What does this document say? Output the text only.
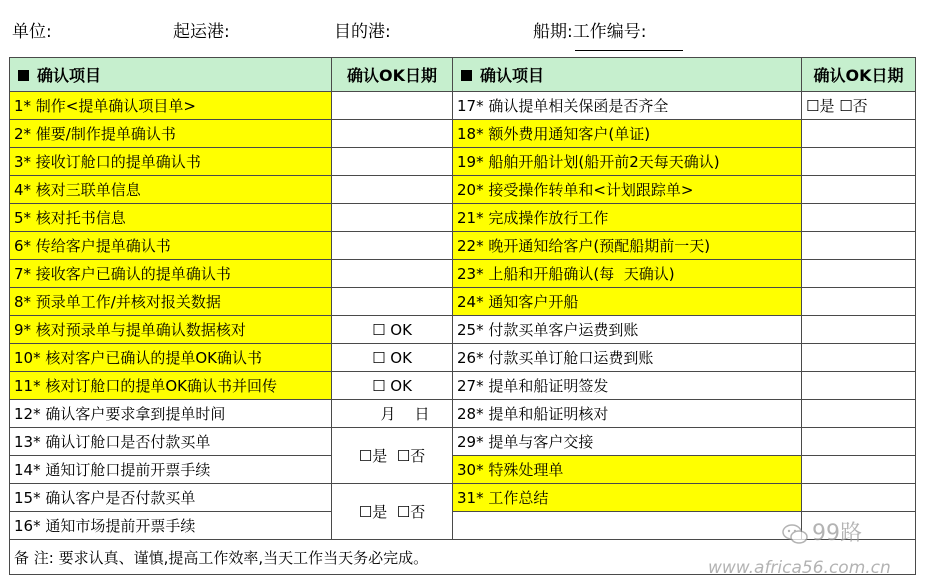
单位:	起运港:	目的港:	船期:
工作编号:
确认项目	确认OK日期	确认项目	确认OK日期
1* 制作<提单确认项目单>		17* 确认提单相关保函是否齐全	☐是 ☐否
2* 催要/制作提单确认书		18* 额外费用通知客户(单证)	
3* 接收订舱口的提单确认书		19* 船舶开船计划(船开前2天每天确认)	
4* 核对三联单信息		20* 接受操作转单和<计划跟踪单>	
5* 核对托书信息		21* 完成操作放行工作	
6* 传给客户提单确认书		22* 晚开通知给客户(预配船期前一天)	
7* 接收客户已确认的提单确认书		23* 上船和开船确认(每  天确认)	
8* 预录单工作/并核对报关数据		24* 通知客户开船	
9* 核对预录单与提单确认数据核对	☐ OK	25* 付款买单客户运费到账	
10* 核对客户已确认的提单OK确认书	☐ OK	26* 付款买单订舱口运费到账	
11* 核对订舱口的提单OK确认书并回传	☐ OK	27* 提单和船证明签发	
12* 确认客户要求拿到提单时间	月    日	28* 提单和船证明核对	
13* 确认订舱口是否付款买单	☐是  ☐否	29* 提单与客户交接	
14* 通知订舱口提前开票手续		30* 特殊处理单	
15* 确认客户是否付款买单	☐是  ☐否	31* 工作总结	
16* 通知市场提前开票手续			
备 注: 要求认真、谨慎,提高工作效率,当天工作当天务必完成。			
99路
www.africa56.com.cn
